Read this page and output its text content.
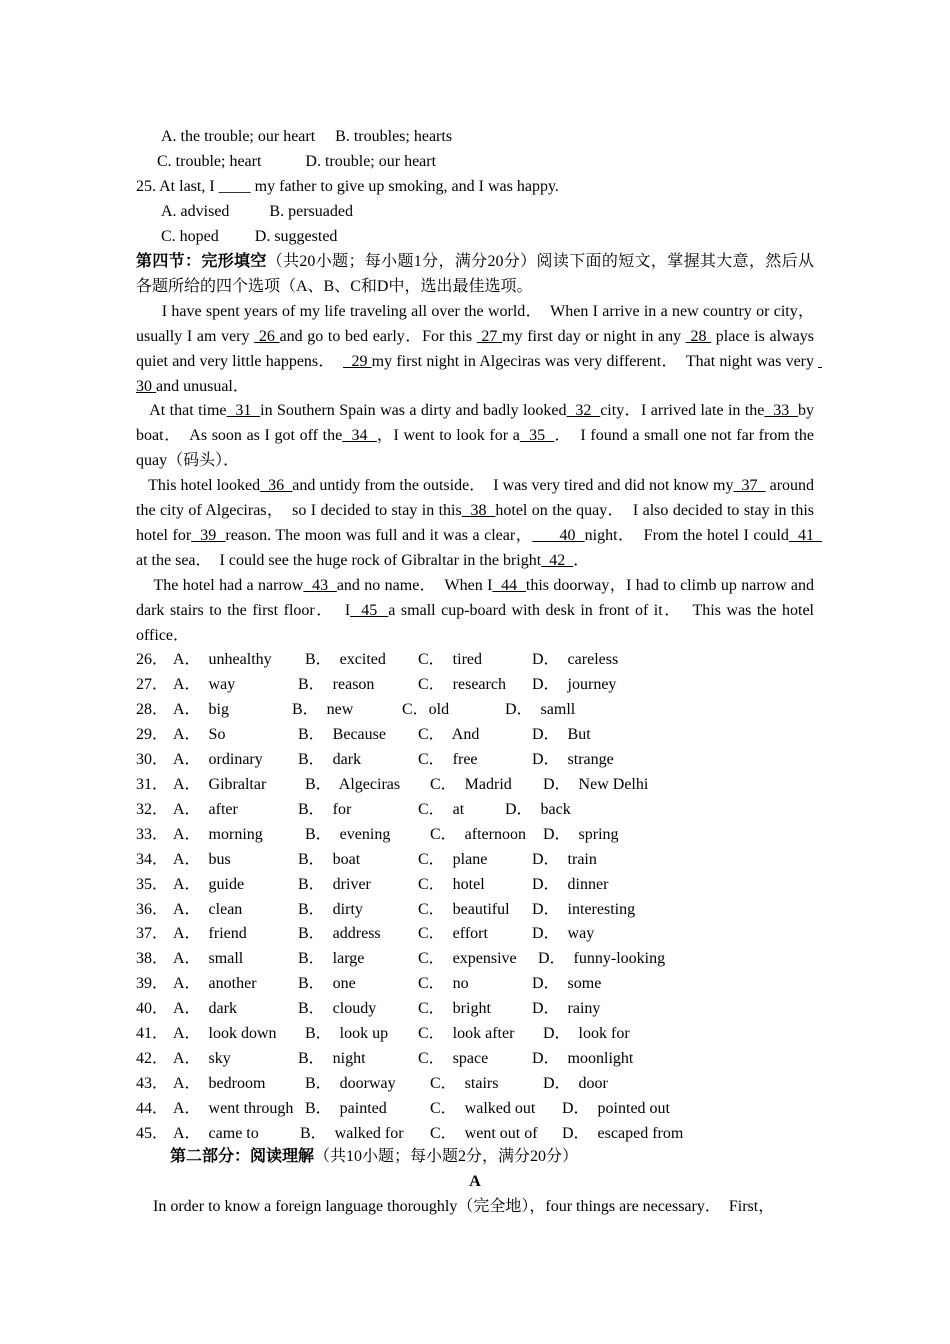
A. the trouble; our heart     B. troubles; hearts
C. trouble; heart           D. trouble; our heart
25. At last, I ____ my father to give up smoking, and I was happy.
A. advised          B. persuaded
C. hoped         D. suggested
第四节：完形填空（共20小题；每小题1分，满分20分）阅读下面的短文，掌握其大意，然后从各题所给的四个选项（A、B、C和D中，选出最佳选项。
I have spent years of my life traveling all over the world．  When I arrive in a new country or city，  usually I am very  26 and go to bed early．For this  27 my first day or night in any  28  place is always quiet and very little happens．    29 my first night in Algeciras was very different．  That night was very  30 and unusual．
At that time  31  in Southern Spain was a dirty and badly looked  32  city．I arrived late in the  33  by boat．  As soon as I got off the  34  ，I went to look for a  35  ．  I found a small one not far from the quay（码头）．
This hotel looked  36  and untidy from the outside．  I was very tired and did not know my  37   around the city of Algeciras，  so I decided to stay in this  38  hotel on the quay．  I also decided to stay in this hotel for  39  reason. The moon was full and it was a clear，      40  night．  From the hotel I could  41  at the sea．  I could see the huge rock of Gibraltar in the bright  42  ．
The hotel had a narrow  43  and no name．  When I  44  this doorway，I had to climb up narrow and dark stairs to the first floor．  I  45  a small cup-board with desk in front of it．  This was the hotel office．
26． A．  unhealthy B．  excited C．  tired	D．  careless
27． A．  way	B．  reason	C．  research D．  journey
28． A．  big	B．  new	C．old	D．  samll
29． A．  So	B．  Because C．  And	D．  But
30． A．  ordinary B．  dark	C．  free	D．  strange
31． A．  Gibraltar B．  Algeciras C．  Madrid D．  New Delhi
32． A．  after	B．  for	C．  at	D．  back
33． A．  morning	B．  evening C．  afternoon D．  spring
34． A．  bus	B．  boat	C．  plane	D．  train
35． A．  guide	B．  driver	C．  hotel	D．  dinner
36． A．  clean	B．  dirty	C．  beautiful D．  interesting
37． A．  friend	B．  address C．  effort	D．  way
38． A．  small	B．  large	C．  expensive D．  funny-looking
39． A．  another	B．  one	C．  no	D．  some
40． A．  dark	B．  cloudy	C．  bright	D．  rainy
41． A．  look down B．  look up C．  look after D．  look for
42． A．  sky	B．  night	C．  space	D．  moonlight
43． A．  bedroom B．  doorway C．  stairs	D．  door
44． A．  went through B．  painted	C．  walked out D．  pointed out
45． A．  came to	B．  walked for C．  went out of D．  escaped from
第二部分：阅读理解（共10小题；每小题2分，满分20分）
A
In order to know a foreign language thoroughly（完全地），four things are necessary．  First，
